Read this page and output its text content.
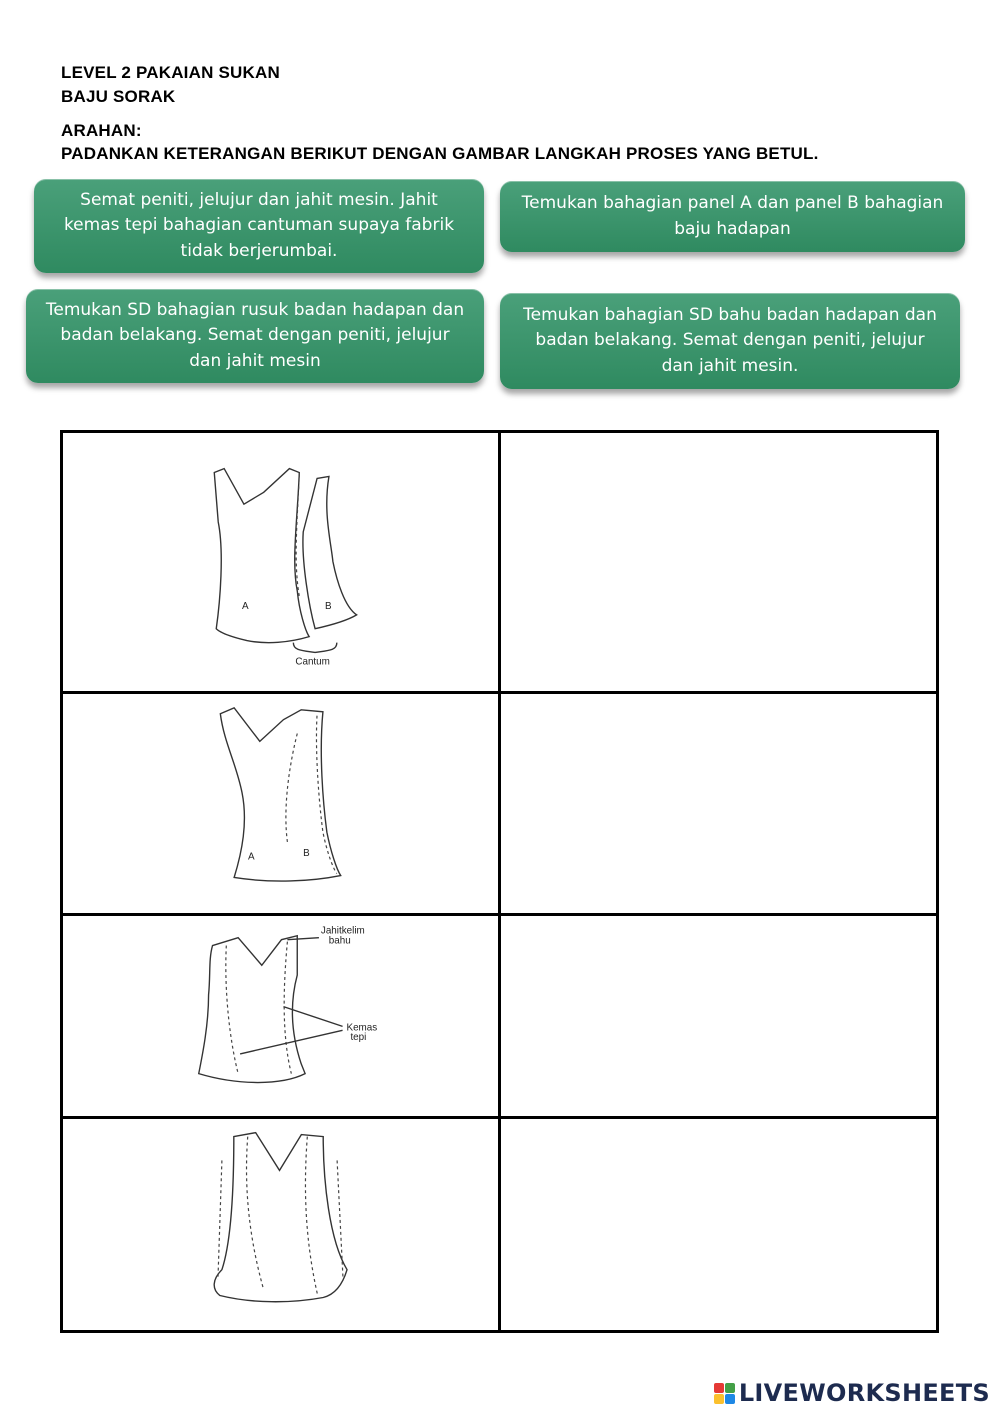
LEVEL 2 PAKAIAN SUKAN
BAJU SORAK
ARAHAN:
PADANKAN KETERANGAN BERIKUT DENGAN GAMBAR LANGKAH PROSES YANG BETUL.
Semat peniti, jelujur dan jahit mesin. Jahit kemas tepi bahagian cantuman supaya fabrik tidak berjerumbai.
Temukan bahagian panel A dan panel B bahagian baju hadapan
Temukan SD bahagian rusuk badan hadapan dan badan belakang. Semat dengan peniti, jelujur dan jahit mesin
Temukan bahagian SD bahu badan hadapan dan badan belakang. Semat dengan peniti, jelujur dan jahit mesin.
A	B
Cantum
A	B
Jahitkelim
bahu
Kemas
tepi
LIVEWORKSHEETS
